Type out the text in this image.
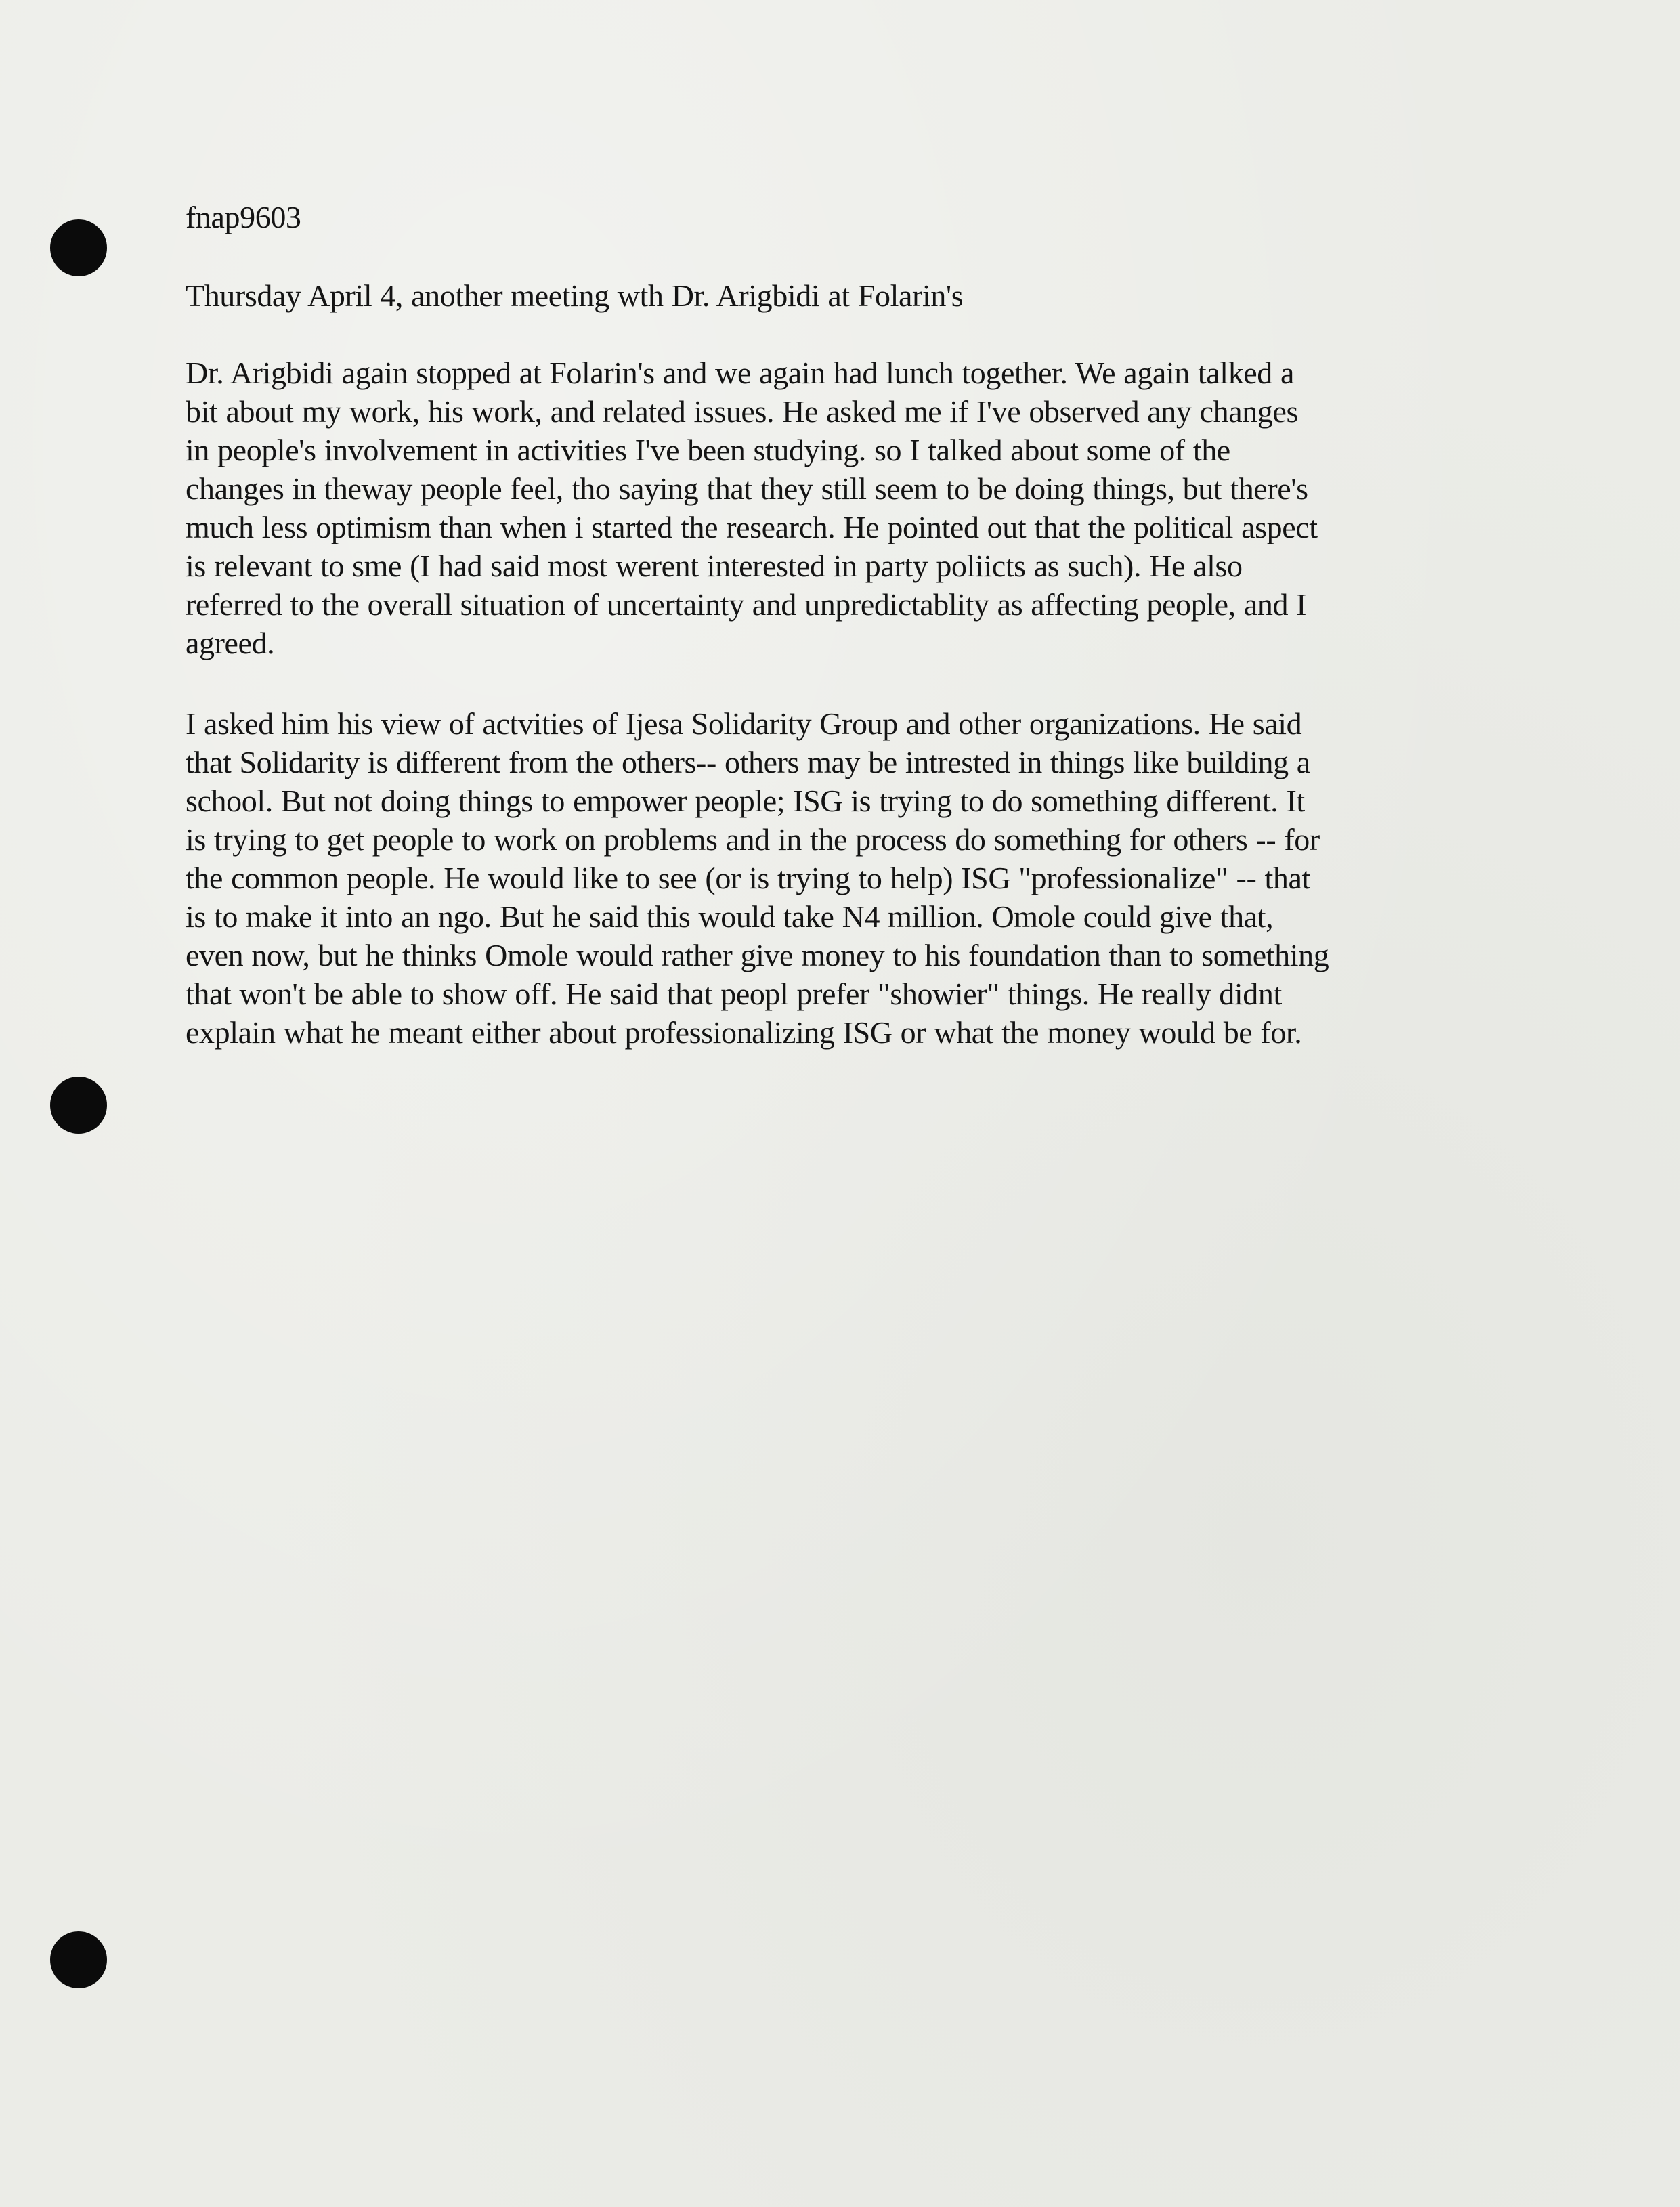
fnap9603
Thursday April 4, another meeting wth Dr. Arigbidi at Folarin's
Dr. Arigbidi again stopped at Folarin's and we again had lunch together. We again talked a
bit about my work, his work, and related issues. He asked me if I've observed any changes
in people's involvement in activities I've been studying. so I talked about some of the
changes in theway people feel, tho saying that they still seem to be doing things, but there's
much less optimism than when i started the research. He pointed out that the political aspect
is relevant to sme (I had said most werent interested in party poliicts as such). He also
referred to the overall situation of uncertainty and unpredictablity as affecting people, and I
agreed.
I asked him his view of actvities of Ijesa Solidarity Group and other organizations. He said
that Solidarity is different from the others-- others may be intrested in things like building a
school. But not doing things to empower people; ISG is trying to do something different. It
is trying to get people to work on problems and in the process do something for others -- for
the common people. He would like to see (or is trying to help) ISG "professionalize" -- that
is to make it into an ngo. But he said this would take N4 million. Omole could give that,
even now, but he thinks Omole would rather give money to his foundation than to something
that won't be able to show off. He said that peopl prefer "showier" things. He really didnt
explain what he meant either about professionalizing ISG or what the money would be for.
